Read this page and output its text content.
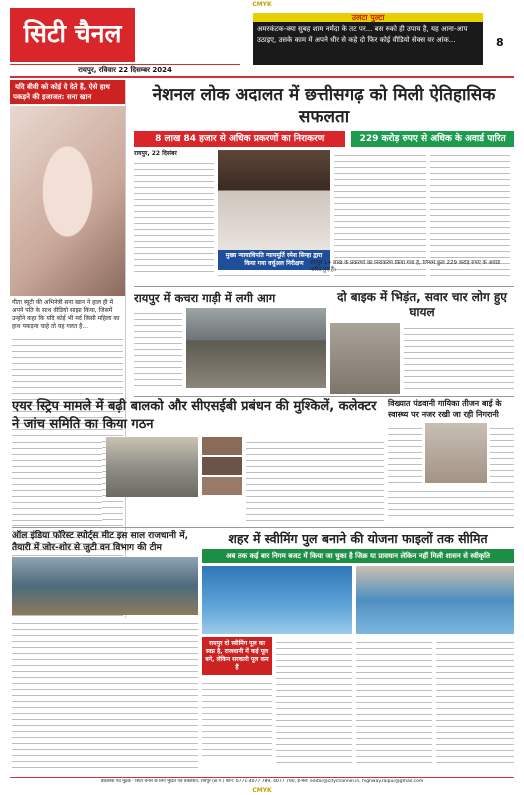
CMYK
सिटी चैनल
रायपुर, रविवार 22 दिसम्बर 2024
8
उलटा पुल्टा
अमरकंटक-क्या सुबह शाम नर्मदा के तट पर... बस रुको ही उपाय है, यह आना-आप उठाइए, उसके काम में अपने धीर से कहे दो फिर कोई वीडियो सेक्स वर आंक...
यदि बीवी को कोई दे देते हैं, ऐसे हाथ पकड़ने की इजाजत: सना खान
गीता ब्यूटी की अभिनेत्री सना खान ने हाल ही में अपने पति के साथ वीडियो साझा किया, जिसमें उन्होंने कहा कि यदि कोई भी मर्द किसी महिला का हाथ पकड़ना चाहे तो यह गलत है...
नेशनल लोक अदालत में छत्तीसगढ़ को मिली ऐतिहासिक सफलता
8 लाख 84 हजार से अधिक प्रकरणों का निराकरण	229 करोड़ रुपए से अधिक के अवार्ड पारित
रायपुर, 22 दिसंबर
मुख्य न्यायाधिपति न्यायमूर्ति रमेश सिन्हा द्वारा किया गया वर्चुअल निरीक्षण	रायपुर 14 लाख के प्रकरणों का निराकरण किया गया है, जिसमें कुल 229 करोड़ रुपए के अवार्ड पारित हुए हैं।
रायपुर में कचरा गाड़ी में लगी आग	दो बाइक में भिड़ंत, सवार चार लोग हुए घायल
एयर स्ट्रिप मामले में बढ़ी बालको और सीएसईबी प्रबंधन की मुश्किलें, कलेक्टर ने जांच समिति का किया गठन
विख्यात पंडवानी गायिका तीजन बाई के स्वास्थ्य पर नजर रखी जा रही निगरानी
ऑल इंडिया फॉरेस्ट स्पोर्ट्स मीट इस साल राजधानी में, तैयारी में जोर-शोर से जुटी वन विभाग की टीम
शहर में स्वीमिंग पुल बनाने की योजना फाइलों तक सीमित
अब तक कई बार निगम बजट में किया जा चुका है जिक्र या प्रावधान लेकिन नहीं मिली शासन से स्वीकृति
रायपुर दो स्वीमिंग पूल का स्वप्न है, राजधानी में कई पूल बने, लेकिन सरकारी पूल कम हैं
प्रकाशक एवं मुद्रक - सिटी चैनल के लिए मुद्रित एवं प्रकाशित, रायपुर (छ.ग.) फोन: 0771-4077 789, 4077 790, ई-मेल: editor@citychannel.in, highway.raipur@gmail.com
CMYK
